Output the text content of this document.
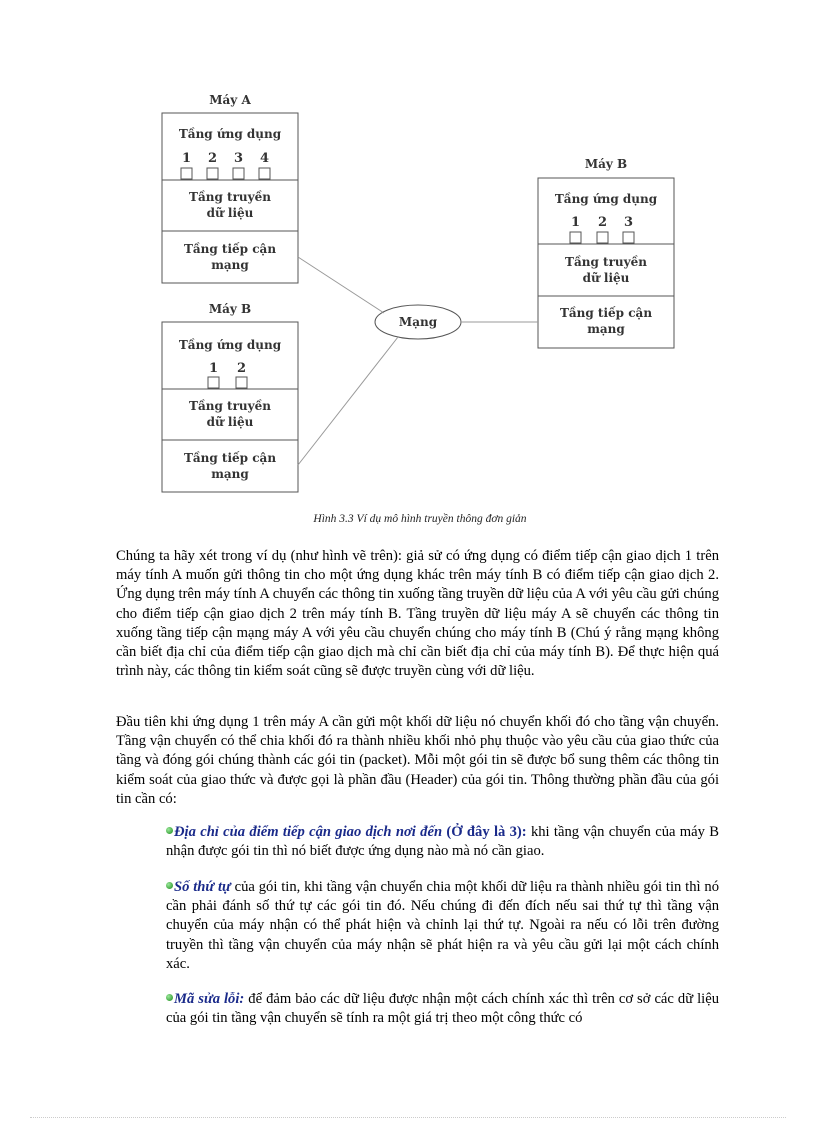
Máy A
Tầng ứng dụng
1	2	3	4
Tầng truyền
dữ liệu
Tầng tiếp cận
mạng
Máy B
Tầng ứng dụng
1	2
Tầng truyền
dữ liệu
Tầng tiếp cận
mạng
Máy B
Tầng ứng dụng
1	2	3
Tầng truyền
dữ liệu
Tầng tiếp cận
mạng
Mạng
Hình 3.3 Ví dụ mô hình truyền thông đơn giản

Chúng ta hãy xét trong ví dụ (như hình vẽ trên): giả sử có ứng dụng có điểm tiếp cận giao dịch 1 trên máy tính A muốn gửi thông tin cho một ứng dụng khác trên máy tính B có điểm tiếp cận giao dịch 2. Ứng dụng trên máy tính A chuyển các thông tin xuống tầng truyền dữ liệu của A với yêu cầu gửi chúng cho điểm tiếp cận giao dịch 2 trên máy tính B. Tầng truyền dữ liệu máy A sẽ chuyển các thông tin xuống tầng tiếp cận mạng máy A với yêu cầu chuyển chúng cho máy tính B (Chú ý rằng mạng không cần biết địa chỉ của điểm tiếp cận giao dịch mà chỉ cần biết địa chỉ của máy tính B). Để thực hiện quá trình này, các thông tin kiểm soát cũng sẽ được truyền cùng với dữ liệu.

Đầu tiên khi ứng dụng 1 trên máy A cần gửi một khối dữ liệu nó chuyển khối đó cho tầng vận chuyển. Tầng vận chuyển có thể chia khối đó ra thành nhiều khối nhỏ phụ thuộc vào yêu cầu của giao thức của tầng và đóng gói chúng thành các gói tin (packet). Mỗi một gói tin sẽ được bổ sung thêm các thông tin kiểm soát của giao thức và được gọi là phần đầu (Header) của gói tin. Thông thường phần đầu của gói tin cần có:

Địa chỉ của điểm tiếp cận giao dịch nơi đến (Ở đây là 3): khi tầng vận chuyển của máy B nhận được gói tin thì nó biết được ứng dụng nào mà nó cần giao.

Số thứ tự của gói tin, khi tầng vận chuyển chia một khối dữ liệu ra thành nhiều gói tin thì nó cần phải đánh số thứ tự các gói tin đó. Nếu chúng đi đến đích nếu sai thứ tự thì tầng vận chuyển của máy nhận có thể phát hiện và chỉnh lại thứ tự. Ngoài ra nếu có lỗi trên đường truyền thì tầng vận chuyển của máy nhận sẽ phát hiện ra và yêu cầu gửi lại một cách chính xác.

Mã sửa lỗi: để đảm bảo các dữ liệu được nhận một cách chính xác thì trên cơ sở các dữ liệu của gói tin tầng vận chuyển sẽ tính ra một giá trị theo một công thức có
